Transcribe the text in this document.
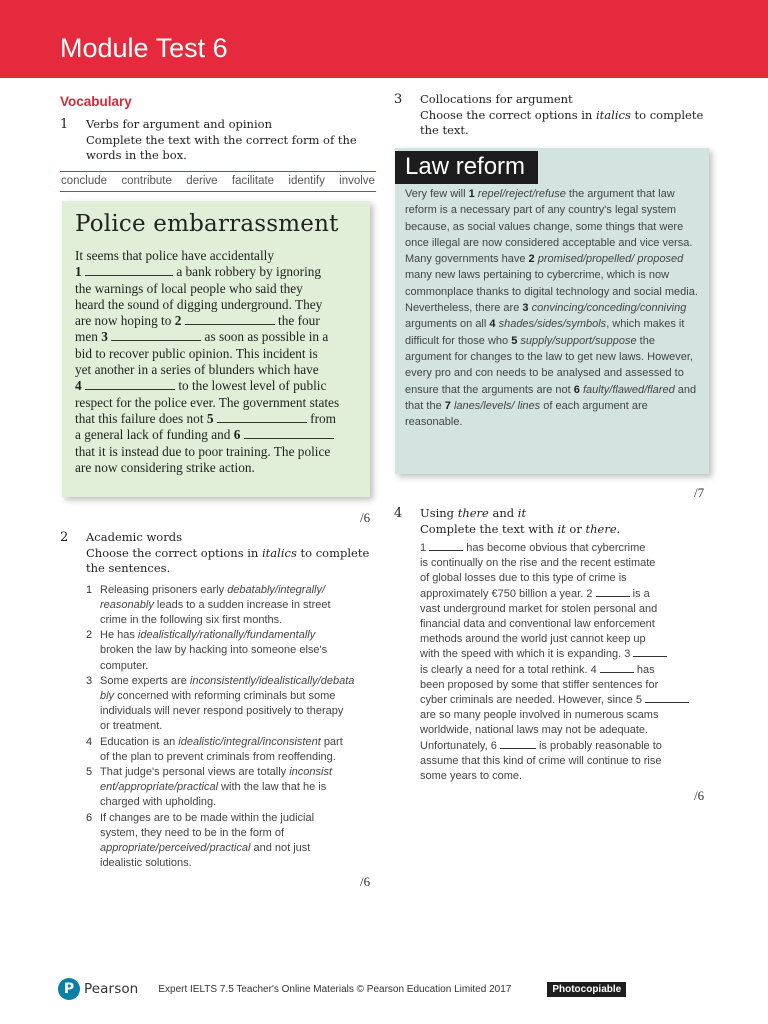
Module Test 6
Vocabulary
1	Verbs for argument and opinion
Complete the text with the correct form of the
words in the box.
conclude contribute derive facilitate identify involve
Police embarrassment
It seems that police have accidentally
1	a bank robbery by ignoring
the warnings of local people who said they
heard the sound of digging underground. They
are now hoping to 2	the four
men 3	as soon as possible in a
bid to recover public opinion. This incident is
yet another in a series of blunders which have
4	to the lowest level of public
respect for the police ever. The government states
that this failure does not 5	from
a general lack of funding and 6
that it is instead due to poor training. The police
are now considering strike action.
/6
2	Academic words
Choose the correct options in italics to complete
the sentences.
1 Releasing prisoners early debatably/integrally/
reasonably leads to a sudden increase in street
crime in the following six first months.
2 He has idealistically/rationally/fundamentally
broken the law by hacking into someone else's
computer.
3 Some experts are inconsistently/idealistically/debata
bly concerned with reforming criminals but some
individuals will never respond positively to therapy
or treatment.
4 Education is an idealistic/integral/inconsistent part
of the plan to prevent criminals from reoffending.
5 That judge's personal views are totally inconsist
ent/appropriate/practical with the law that he is
charged with upholding.
6 If changes are to be made within the judicial
system, they need to be in the form of
appropriate/perceived/practical and not just
idealistic solutions.
/6
3	Collocations for argument
Choose the correct options in italics to complete
the text.
Law reform
Very few will 1 repel/reject/refuse the argument that law reform is a necessary part of any country's legal system because, as social values change, some things that were once illegal are now considered acceptable and vice versa.
Many governments have 2 promised/propelled/ proposed many new laws pertaining to cybercrime, which is now commonplace thanks to digital technology and social media. Nevertheless, there are 3 convincing/conceding/conniving arguments on all 4 shades/sides/symbols, which makes it difficult for those who 5 supply/support/suppose the argument for changes to the law to get new laws. However, every pro and con needs to be analysed and assessed to ensure that the arguments are not 6 faulty/flawed/flared and that the 7 lanes/levels/ lines of each argument are reasonable.
/7
4	Using there and it
Complete the text with it or there.
1	has become obvious that cybercrime
is continually on the rise and the recent estimate
of global losses due to this type of crime is
approximately €750 billion a year. 2	is a
vast underground market for stolen personal and
financial data and conventional law enforcement
methods around the world just cannot keep up
with the speed with which it is expanding. 3
is clearly a need for a total rethink. 4	has
been proposed by some that stiffer sentences for
cyber criminals are needed. However, since 5
are so many people involved in numerous scams
worldwide, national laws may not be adequate.
Unfortunately, 6	is probably reasonable to
assume that this kind of crime will continue to rise
some years to come.
/6
P Pearson Expert IELTS 7.5 Teacher's Online Materials © Pearson Education Limited 2017	Photocopiable
